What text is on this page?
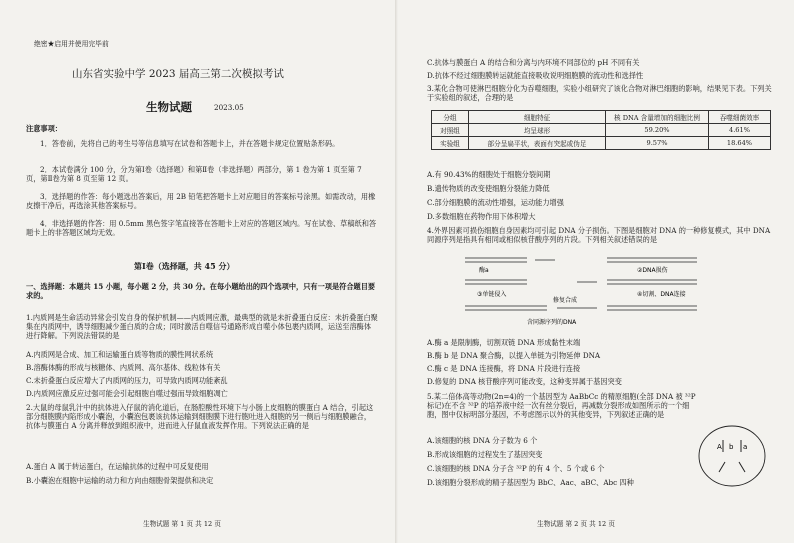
绝密★启用并使用完毕前
山东省实验中学 2023 届高三第二次模拟考试
生物试题	2023.05
注意事项：
1．答卷前，先将自己的考生号等信息填写在试卷和答题卡上，并在答题卡规定位置贴条形码。
2．本试卷满分 100 分，分为第Ⅰ卷（选择题）和第Ⅱ卷（非选择题）两部分，第 1 卷为第 1 页至第 7 页，第Ⅱ卷为第 8 页至第 12 页。
3．选择题的作答：每小题选出答案后，用 2B 铅笔把答题卡上对应题目的答案标号涂黑。如需改动，用橡皮擦干净后，再选涂其他答案标号。
4．非选择题的作答：用 0.5mm 黑色签字笔直接答在答题卡上对应的答题区域内。写在试卷、草稿纸和答题卡上的非答题区域均无效。
第Ⅰ卷（选择题，共 45 分）
一、选择题：本题共 15 小题，每小题 2 分，共 30 分。在每小题给出的四个选项中，只有一项是符合题目要求的。
1.内质网是生命活动异常会引发自身的保护机制——内质网应激，最典型的就是未折叠蛋白反应：未折叠蛋白聚集在内质网中，诱导细胞减少蛋白质的合成；同时激活自噬信号通路形成自噬小体包裹内质网，运送至溶酶体进行降解。下列说法错误的是
A.内质网是合成、加工和运输蛋白质等物质的膜性网状系统
B.溶酶体酶的形成与核糖体、内质网、高尔基体、线粒体有关
C.未折叠蛋白反应增大了内质网的压力，可导致内质网功能紊乱
D.内质网应激反应过强可能会引起细胞自噬过强而导致细胞凋亡
2.大鼠的母鼠乳汁中的抗体进入仔鼠的消化道后，在肠腔酸性环境下与小肠上皮细胞的膜蛋白 A 结合，引起这部分细胞膜内陷形成小囊泡，小囊泡包裹该抗体运输到细胞膜下进行胞吐进入细胞的另一侧后与细胞膜融合，抗体与膜蛋白 A 分离并释放到组织液中，进而进入仔鼠血液发挥作用。下列说法正确的是
A.蛋白 A 属于转运蛋白，在运输抗体的过程中可反复使用
B.小囊泡在细胞中运输的动力和方向由细胞骨架提供和决定
生物试题 第 1 页 共 12 页
C.抗体与膜蛋白 A 的结合和分离与内环境不同部位的 pH 不同有关
D.抗体不经过细胞膜转运就能直接吸收说明细胞膜的流动性和选择性
3.某化合物可使淋巴细胞分化为吞噬细胞，实验小组研究了该化合物对淋巴细胞的影响，结果见下表。下列关于实验组的叙述，合理的是
分组	细胞特征	核 DNA 含量增加的细胞比例	吞噬细菌效率
对照组	均呈球形	59.20%	4.61%
实验组	部分呈扁平状，表面有突起或伪足	9.57%	18.64%
A.有 90.43%的细胞处于细胞分裂间期
B.遗传物质的改变使细胞分裂能力降低
C.部分细胞膜的流动性增强，运动能力增强
D.多数细胞在药物作用下体积增大
4.外界因素可损伤细胞自身因素均可引起 DNA 分子损伤。下图是细胞对 DNA 的一种修复模式，其中 DNA 同源序列是指具有相同或相似核苷酸序列的片段。下列相关叙述错误的是
酶a	②DNA损伤
③单链侵入	④切割、DNA连接
修复合成
含同源序列的DNA
A.酶 a 是限制酶，切割双链 DNA 形成黏性末端
B.酶 b 是 DNA 聚合酶，以提入单链为引物延伸 DNA
C.酶 c 是 DNA 连接酶，将 DNA 片段进行连接
D.修复的 DNA 核苷酸序列可能改变，这种变异属于基因突变
5.某二倍体高等动物(2n=4)的一个基因型为 AaBbCc 的精原细胞(全部 DNA 被 ³²P 标记)在不含 ³²P 的培养液中经一次有丝分裂后，再减数分裂形成如图所示的一个细胞，图中仅标明部分基因，不考虑图示以外的其他变异，下列叙述正确的是
A.该细胞的核 DNA 分子数为 6 个
B.形成该细胞的过程发生了基因突变
C.该细胞的核 DNA 分子含 ³²P 的有 4 个、5 个或 6 个
D.该细胞分裂形成的精子基因型为 BbC、Aac、aBC、Abc 四种
A b a
生物试题 第 2 页 共 12 页
